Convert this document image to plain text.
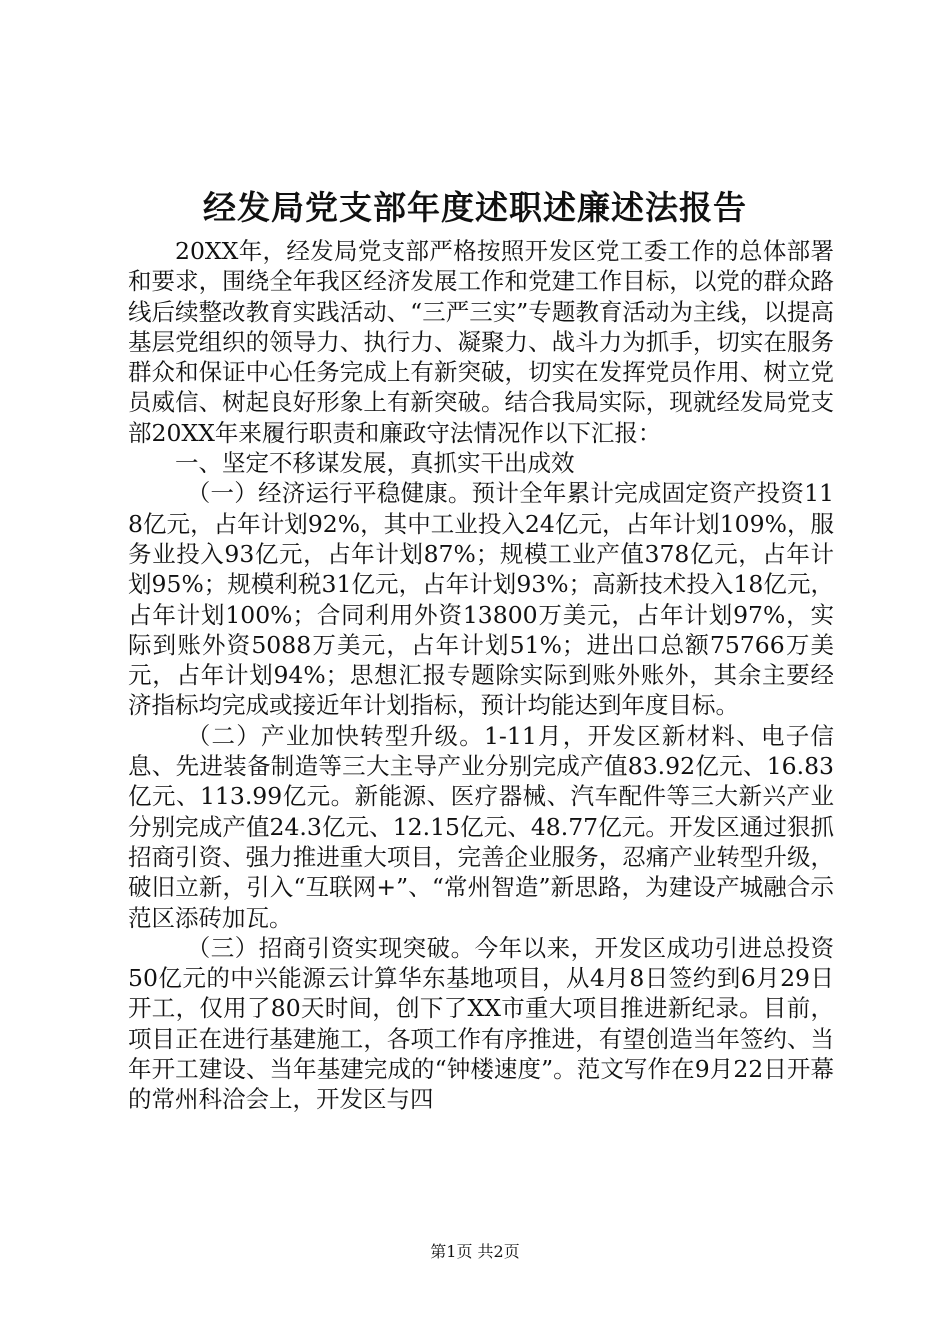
经发局党支部年度述职述廉述法报告

20XX年，经发局党支部严格按照开发区党工委工作的总体部署和要求，围绕全年我区经济发展工作和党建工作目标，以党的群众路线后续整改教育实践活动、“三严三实”专题教育活动为主线，以提高基层党组织的领导力、执行力、凝聚力、战斗力为抓手，切实在服务群众和保证中心任务完成上有新突破，切实在发挥党员作用、树立党员威信、树起良好形象上有新突破。结合我局实际，现就经发局党支部20XX年来履行职责和廉政守法情况作以下汇报：

一、坚定不移谋发展，真抓实干出成效

（一）经济运行平稳健康。预计全年累计完成固定资产投资118亿元，占年计划92%，其中工业投入24亿元，占年计划109%，服务业投入93亿元，占年计划87%；规模工业产值378亿元，占年计划95%；规模利税31亿元，占年计划93%；高新技术投入18亿元，占年计划100%；合同利用外资13800万美元，占年计划97%，实际到账外资5088万美元，占年计划51%；进出口总额75766万美元，占年计划94%；思想汇报专题除实际到账外账外，其余主要经济指标均完成或接近年计划指标，预计均能达到年度目标。

（二）产业加快转型升级。1-11月，开发区新材料、电子信息、先进装备制造等三大主导产业分别完成产值83.92亿元、16.83亿元、113.99亿元。新能源、医疗器械、汽车配件等三大新兴产业分别完成产值24.3亿元、12.15亿元、48.77亿元。开发区通过狠抓招商引资、强力推进重大项目，完善企业服务，忍痛产业转型升级，破旧立新，引入“互联网+”、“常州智造”新思路，为建设产城融合示范区添砖加瓦。

（三）招商引资实现突破。今年以来，开发区成功引进总投资50亿元的中兴能源云计算华东基地项目，从4月8日签约到6月29日开工，仅用了80天时间，创下了XX市重大项目推进新纪录。目前，项目正在进行基建施工，各项工作有序推进，有望创造当年签约、当年开工建设、当年基建完成的“钟楼速度”。范文写作在9月22日开幕的常州科洽会上，开发区与四

第1页 共2页
